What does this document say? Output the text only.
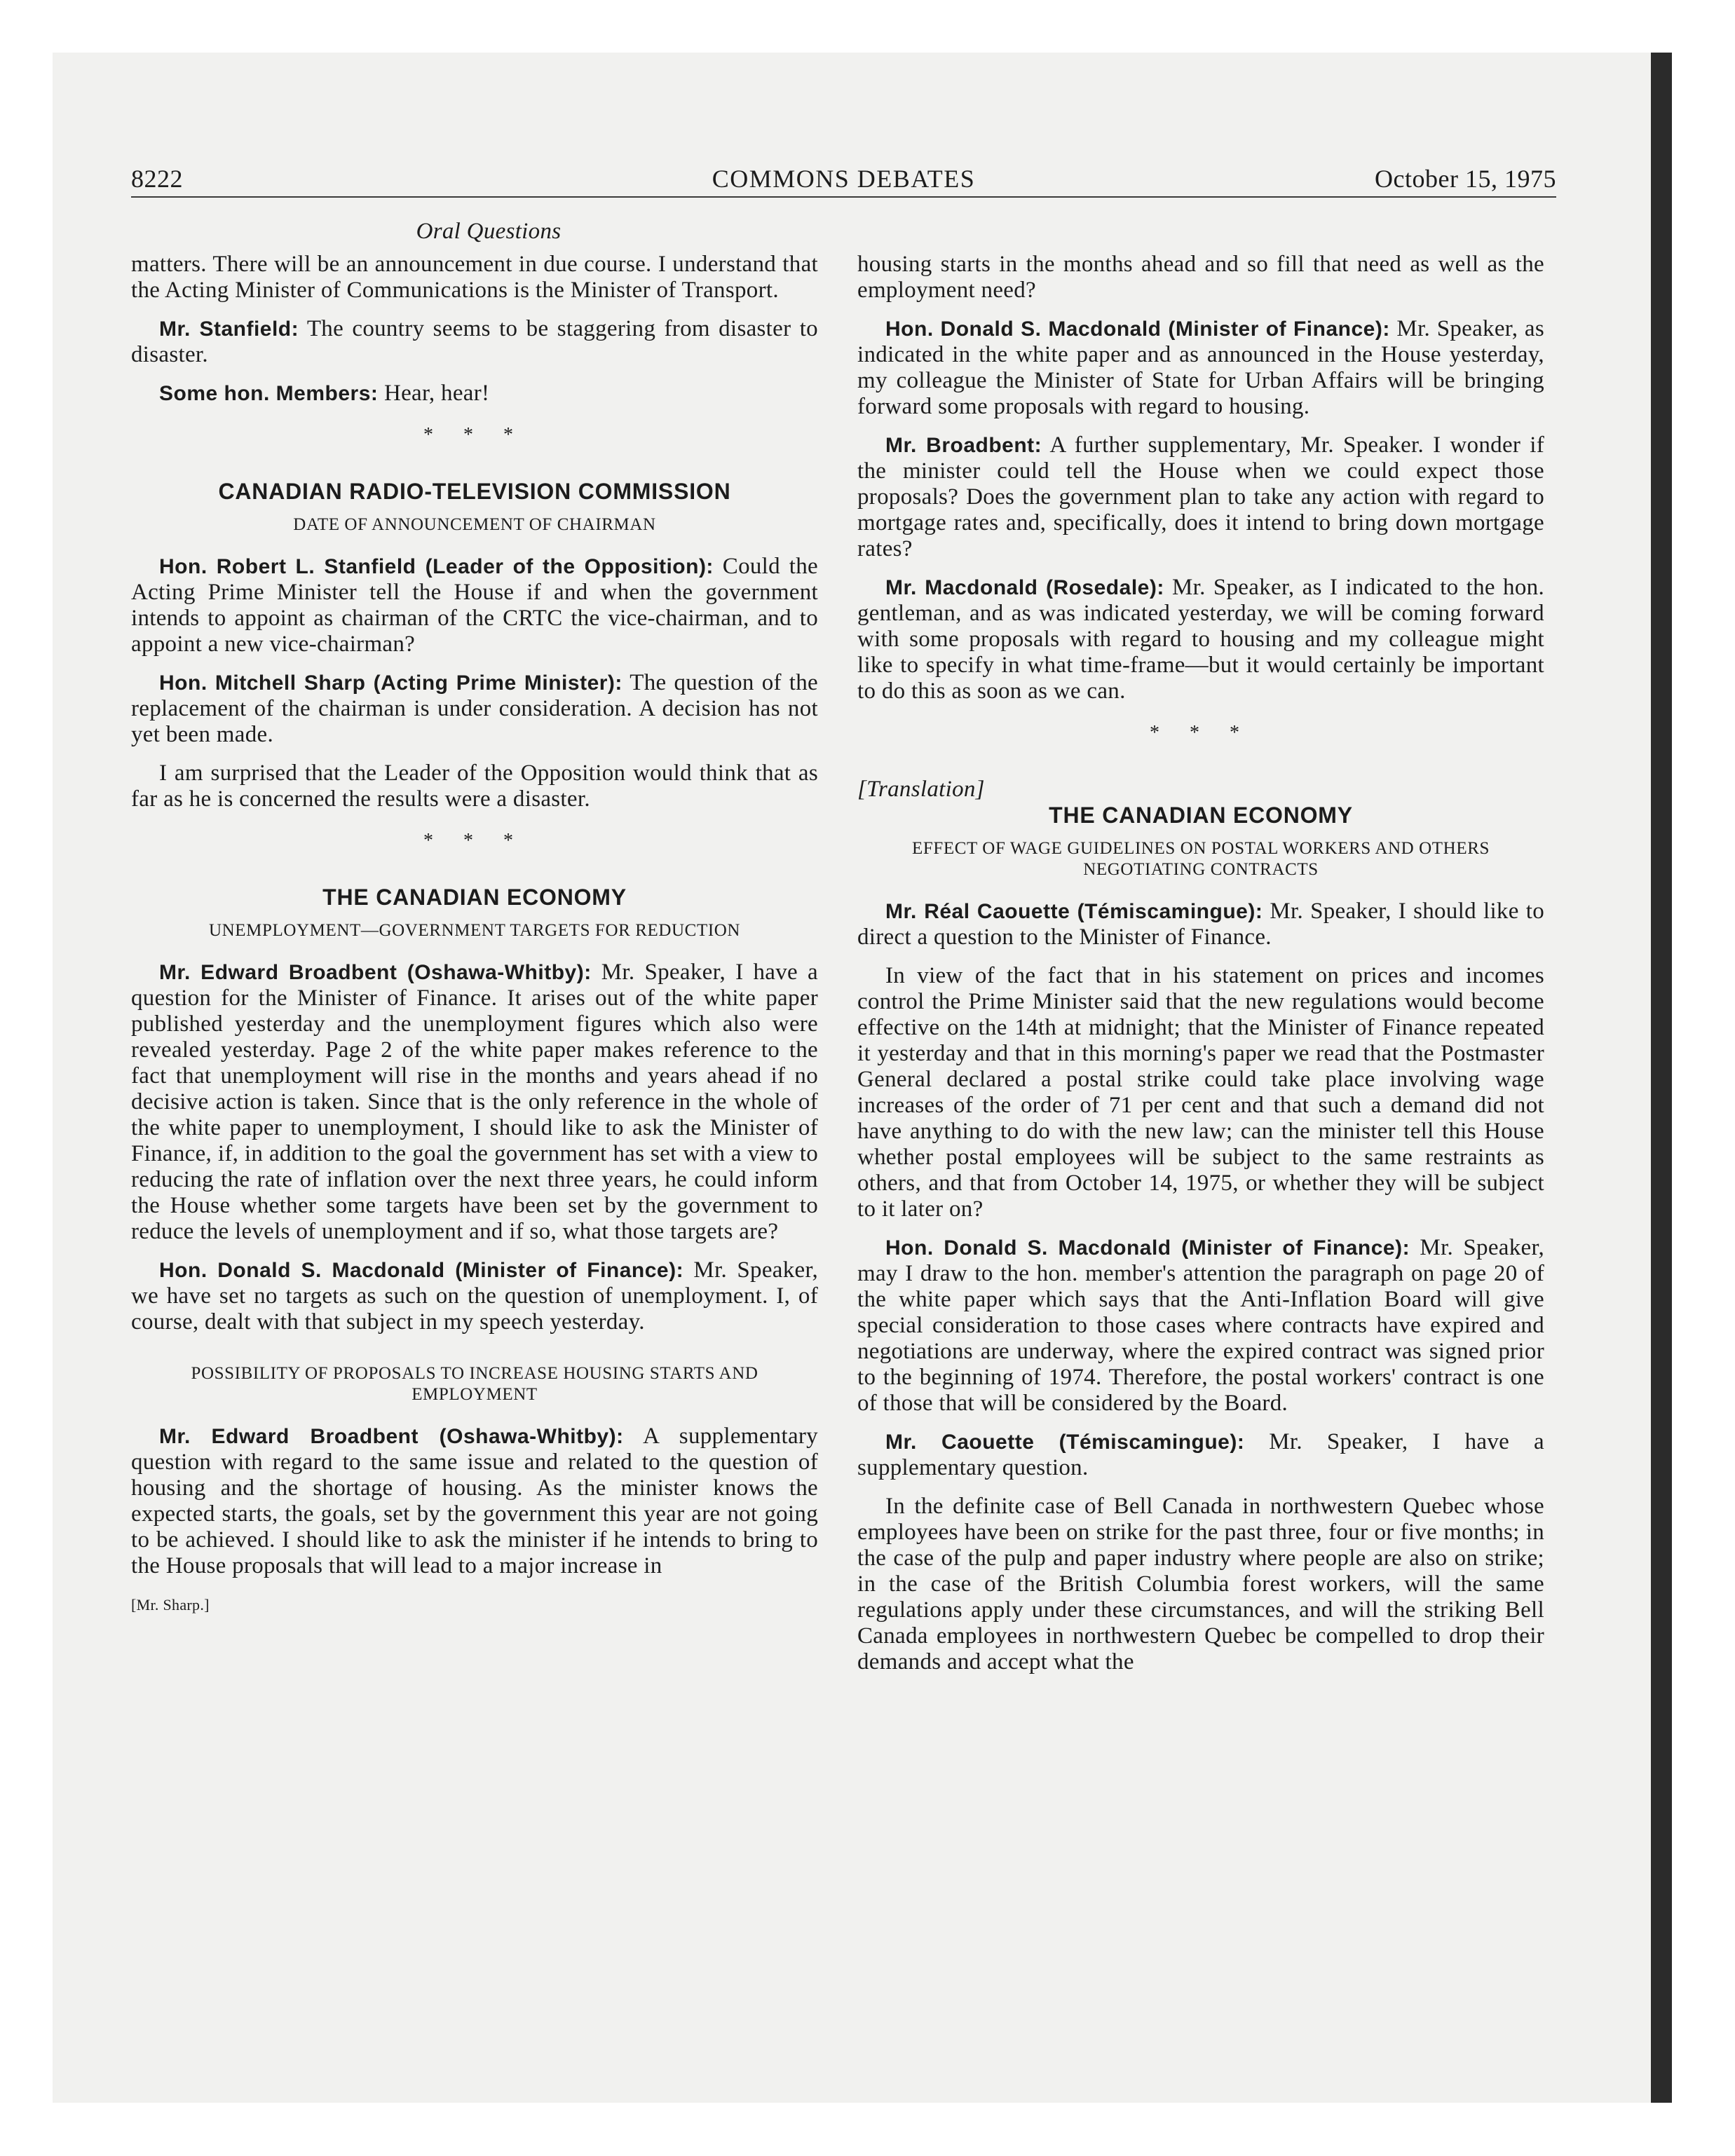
8222	COMMONS DEBATES	October 15, 1975
Oral Questions

matters. There will be an announcement in due course. I understand that the Acting Minister of Communications is the Minister of Transport.

Mr. Stanfield: The country seems to be staggering from disaster to disaster.

Some hon. Members: Hear, hear!

* * *
CANADIAN RADIO-TELEVISION COMMISSION
DATE OF ANNOUNCEMENT OF CHAIRMAN

Hon. Robert L. Stanfield (Leader of the Opposition): Could the Acting Prime Minister tell the House if and when the government intends to appoint as chairman of the CRTC the vice-chairman, and to appoint a new vice-chairman?

Hon. Mitchell Sharp (Acting Prime Minister): The question of the replacement of the chairman is under consideration. A decision has not yet been made.

I am surprised that the Leader of the Opposition would think that as far as he is concerned the results were a disaster.

* * *
THE CANADIAN ECONOMY
UNEMPLOYMENT—GOVERNMENT TARGETS FOR REDUCTION

Mr. Edward Broadbent (Oshawa-Whitby): Mr. Speaker, I have a question for the Minister of Finance. It arises out of the white paper published yesterday and the unemployment figures which also were revealed yesterday. Page 2 of the white paper makes reference to the fact that unemployment will rise in the months and years ahead if no decisive action is taken. Since that is the only reference in the whole of the white paper to unemployment, I should like to ask the Minister of Finance, if, in addition to the goal the government has set with a view to reducing the rate of inflation over the next three years, he could inform the House whether some targets have been set by the government to reduce the levels of unemployment and if so, what those targets are?

Hon. Donald S. Macdonald (Minister of Finance): Mr. Speaker, we have set no targets as such on the question of unemployment. I, of course, dealt with that subject in my speech yesterday.

POSSIBILITY OF PROPOSALS TO INCREASE HOUSING STARTS AND EMPLOYMENT

Mr. Edward Broadbent (Oshawa-Whitby): A supplementary question with regard to the same issue and related to the question of housing and the shortage of housing. As the minister knows the expected starts, the goals, set by the government this year are not going to be achieved. I should like to ask the minister if he intends to bring to the House proposals that will lead to a major increase in

[Mr. Sharp.]

housing starts in the months ahead and so fill that need as well as the employment need?

Hon. Donald S. Macdonald (Minister of Finance): Mr. Speaker, as indicated in the white paper and as announced in the House yesterday, my colleague the Minister of State for Urban Affairs will be bringing forward some proposals with regard to housing.

Mr. Broadbent: A further supplementary, Mr. Speaker. I wonder if the minister could tell the House when we could expect those proposals? Does the government plan to take any action with regard to mortgage rates and, specifically, does it intend to bring down mortgage rates?

Mr. Macdonald (Rosedale): Mr. Speaker, as I indicated to the hon. gentleman, and as was indicated yesterday, we will be coming forward with some proposals with regard to housing and my colleague might like to specify in what time-frame—but it would certainly be important to do this as soon as we can.

* * *
[Translation]
THE CANADIAN ECONOMY
EFFECT OF WAGE GUIDELINES ON POSTAL WORKERS AND OTHERS NEGOTIATING CONTRACTS

Mr. Réal Caouette (Témiscamingue): Mr. Speaker, I should like to direct a question to the Minister of Finance.

In view of the fact that in his statement on prices and incomes control the Prime Minister said that the new regulations would become effective on the 14th at midnight; that the Minister of Finance repeated it yesterday and that in this morning's paper we read that the Postmaster General declared a postal strike could take place involving wage increases of the order of 71 per cent and that such a demand did not have anything to do with the new law; can the minister tell this House whether postal employees will be subject to the same restraints as others, and that from October 14, 1975, or whether they will be subject to it later on?

Hon. Donald S. Macdonald (Minister of Finance): Mr. Speaker, may I draw to the hon. member's attention the paragraph on page 20 of the white paper which says that the Anti-Inflation Board will give special consideration to those cases where contracts have expired and negotiations are underway, where the expired contract was signed prior to the beginning of 1974. Therefore, the postal workers' contract is one of those that will be considered by the Board.

Mr. Caouette (Témiscamingue): Mr. Speaker, I have a supplementary question.

In the definite case of Bell Canada in northwestern Quebec whose employees have been on strike for the past three, four or five months; in the case of the pulp and paper industry where people are also on strike; in the case of the British Columbia forest workers, will the same regulations apply under these circumstances, and will the striking Bell Canada employees in northwestern Quebec be compelled to drop their demands and accept what the
